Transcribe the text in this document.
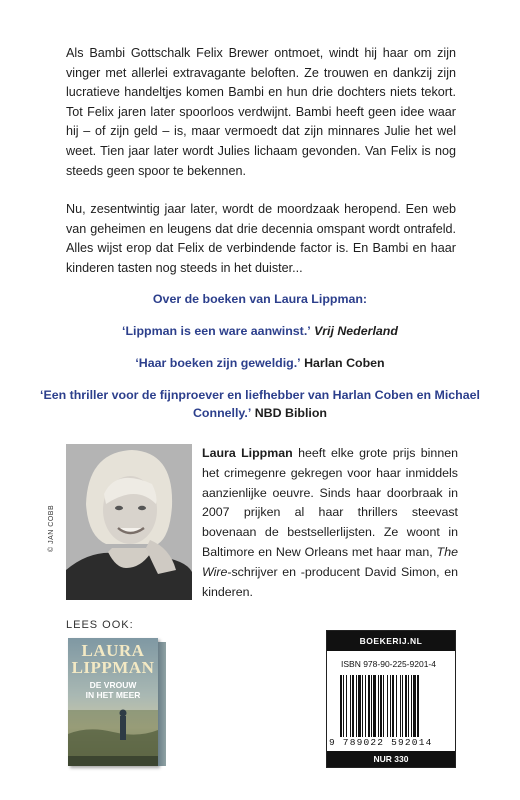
Als Bambi Gottschalk Felix Brewer ontmoet, windt hij haar om zijn vinger met allerlei extravagante beloften. Ze trouwen en dankzij zijn lucratieve handeltjes komen Bambi en hun drie dochters niets tekort. Tot Felix jaren later spoorloos verdwijnt. Bambi heeft geen idee waar hij – of zijn geld – is, maar vermoedt dat zijn minnares Julie het wel weet. Tien jaar later wordt Julies lichaam gevonden. Van Felix is nog steeds geen spoor te bekennen.

Nu, zesentwintig jaar later, wordt de moordzaak heropend. Een web van geheimen en leugens dat drie decennia omspant wordt ontrafeld. Alles wijst erop dat Felix de verbindende factor is. En Bambi en haar kinderen tasten nog steeds in het duister...

Over de boeken van Laura Lippman:
‘Lippman is een ware aanwinst.’ Vrij Nederland
‘Haar boeken zijn geweldig.’ Harlan Coben
‘Een thriller voor de fijnproever en liefhebber van Harlan Coben en Michael Connelly.’ NBD Biblion
© JAN COBB
Laura Lippman heeft elke grote prijs binnen het crimegenre gekregen voor haar inmiddels aanzienlijke oeuvre. Sinds haar doorbraak in 2007 prijken al haar thrillers steevast bovenaan de bestsellerlijsten. Ze woont in Baltimore en New Orleans met haar man, The Wire-schrijver en -producent David Simon, en kinderen.
LEES OOK:
LAURA
LIPPMAN
DE VROUW
IN HET MEER
BOEKERIJ.NL
ISBN 978-90-225-9201-4
9 789022 592014
NUR 330
